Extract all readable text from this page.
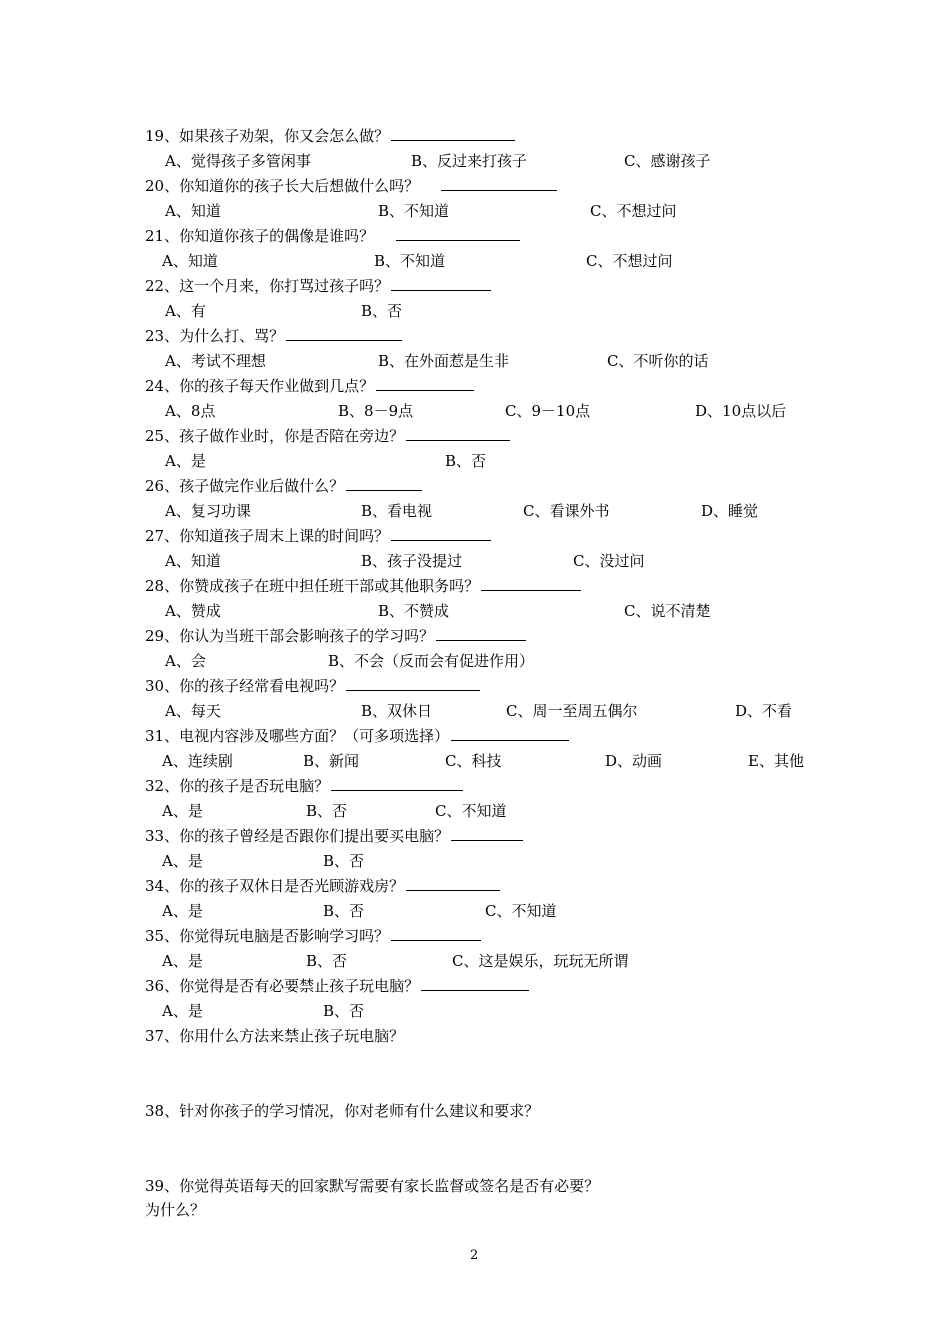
19、如果孩子劝架，你又会怎么做？
A、觉得孩子多管闲事	B、反过来打孩子	C、感谢孩子
20、你知道你的孩子长大后想做什么吗？
A、知道	B、不知道	C、不想过问
21、你知道你孩子的偶像是谁吗？
A、知道	B、不知道	C、不想过问
22、这一个月来，你打骂过孩子吗？
A、有	B、否
23、为什么打、骂？
A、考试不理想	B、在外面惹是生非	C、不听你的话
24、你的孩子每天作业做到几点？
A、8点	B、8－9点	C、9－10点	D、10点以后
25、孩子做作业时，你是否陪在旁边？
A、是	B、否
26、孩子做完作业后做什么？
A、复习功课	B、看电视	C、看课外书	D、睡觉
27、你知道孩子周末上课的时间吗？
A、知道	B、孩子没提过	C、没过问
28、你赞成孩子在班中担任班干部或其他职务吗？
A、赞成	B、不赞成	C、说不清楚
29、你认为当班干部会影响孩子的学习吗？
A、会	B、不会（反而会有促进作用）
30、你的孩子经常看电视吗？
A、每天	B、双休日	C、周一至周五偶尔	D、不看
31、电视内容涉及哪些方面？（可多项选择）
A、连续剧	B、新闻	C、科技	D、动画	E、其他
32、你的孩子是否玩电脑？
A、是	B、否	C、不知道
33、你的孩子曾经是否跟你们提出要买电脑？
A、是	B、否
34、你的孩子双休日是否光顾游戏房？
A、是	B、否	C、不知道
35、你觉得玩电脑是否影响学习吗？
A、是	B、否	C、这是娱乐，玩玩无所谓
36、你觉得是否有必要禁止孩子玩电脑？
A、是	B、否
37、你用什么方法来禁止孩子玩电脑？
38、针对你孩子的学习情况，你对老师有什么建议和要求？
39、你觉得英语每天的回家默写需要有家长监督或签名是否有必要？
为什么？
2
